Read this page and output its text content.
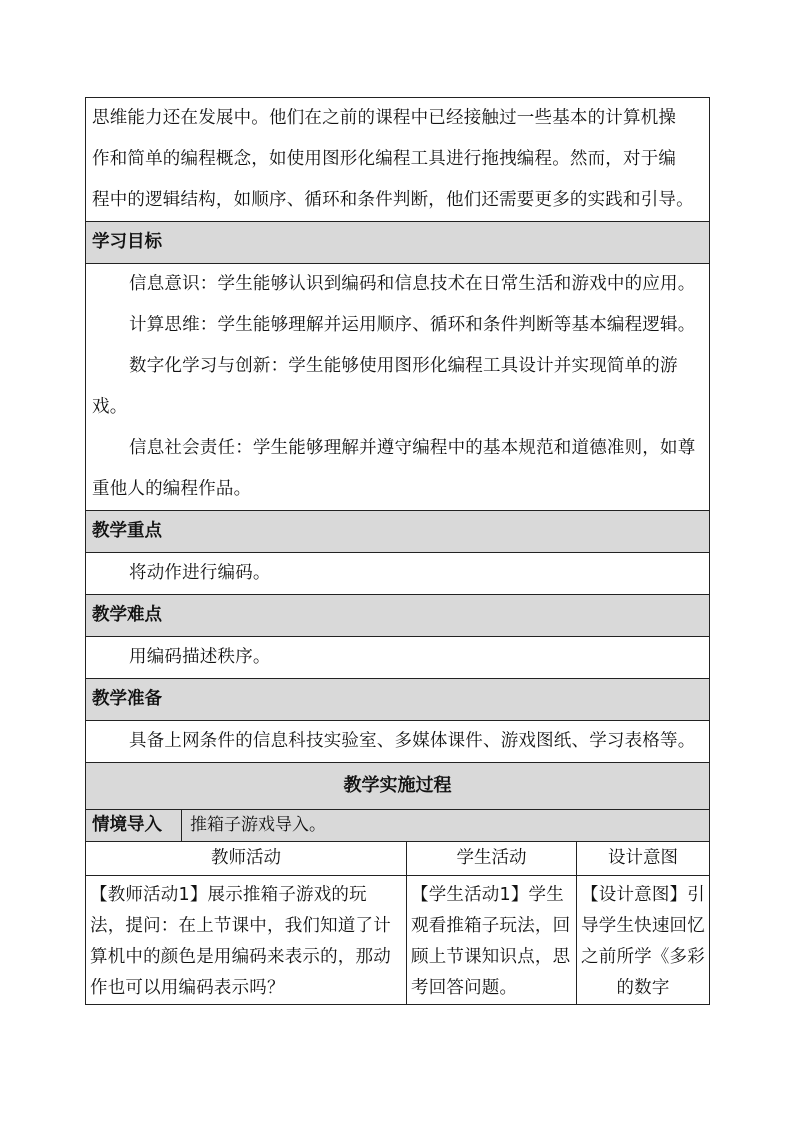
思维能力还在发展中。他们在之前的课程中已经接触过一些基本的计算机操

作和简单的编程概念，如使用图形化编程工具进行拖拽编程。然而，对于编

程中的逻辑结构，如顺序、循环和条件判断，他们还需要更多的实践和引导。			

学习目标			

信息意识：学生能够认识到编码和信息技术在日常生活和游戏中的应用。

计算思维：学生能够理解并运用顺序、循环和条件判断等基本编程逻辑。

数字化学习与创新：学生能够使用图形化编程工具设计并实现简单的游戏。

信息社会责任：学生能够理解并遵守编程中的基本规范和道德准则，如尊重他人的编程作品。			

教学重点			

将动作进行编码。			

教学难点			

用编码描述秩序。			

教学准备			

具备上网条件的信息科技实验室、多媒体课件、游戏图纸、学习表格等。			

教学实施过程			
情境导入	推箱子游戏导入。		
教师活动		学生活动	设计意图
【教师活动1】展示推箱子游戏的玩法，提问：在上节课中，我们知道了计算机中的颜色是用编码来表示的，那动作也可以用编码表示吗？		【学生活动1】学生观看推箱子玩法，回顾上节课知识点，思考回答问题。	【设计意图】引导学生快速回忆之前所学《多彩的数字
